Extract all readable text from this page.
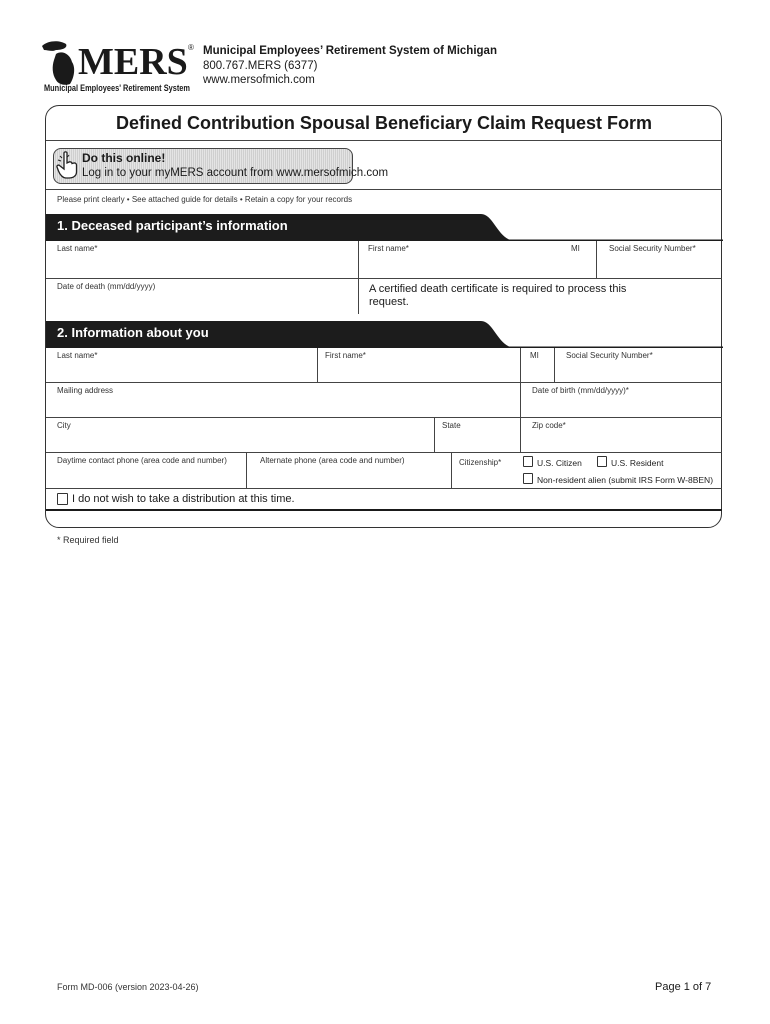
MERS ®
Municipal Employees' Retirement System
Municipal Employees’ Retirement System of Michigan
800.767.MERS (6377)
www.mersofmich.com
Defined Contribution Spousal Beneficiary Claim Request Form
Do this online!
Log in to your myMERS account from www.mersofmich.com
Please print clearly • See attached guide for details • Retain a copy for your records
1. Deceased participant’s information
Last name*	First name*	MI	Social Security Number*
Date of death (mm/dd/yyyy)	A certified death certificate is required to process this request.
2. Information about you
Last name*	First name*	MI	Social Security Number*
Mailing address	Date of birth (mm/dd/yyyy)*
City	State	Zip code*
Daytime contact phone (area code and number)	Alternate phone (area code and number)	Citizenship*	U.S. Citizen	U.S. Resident
Non-resident alien (submit IRS Form W-8BEN)
I do not wish to take a distribution at this time.
* Required field
Form MD-006 (version 2023-04-26)	Page 1 of 7
